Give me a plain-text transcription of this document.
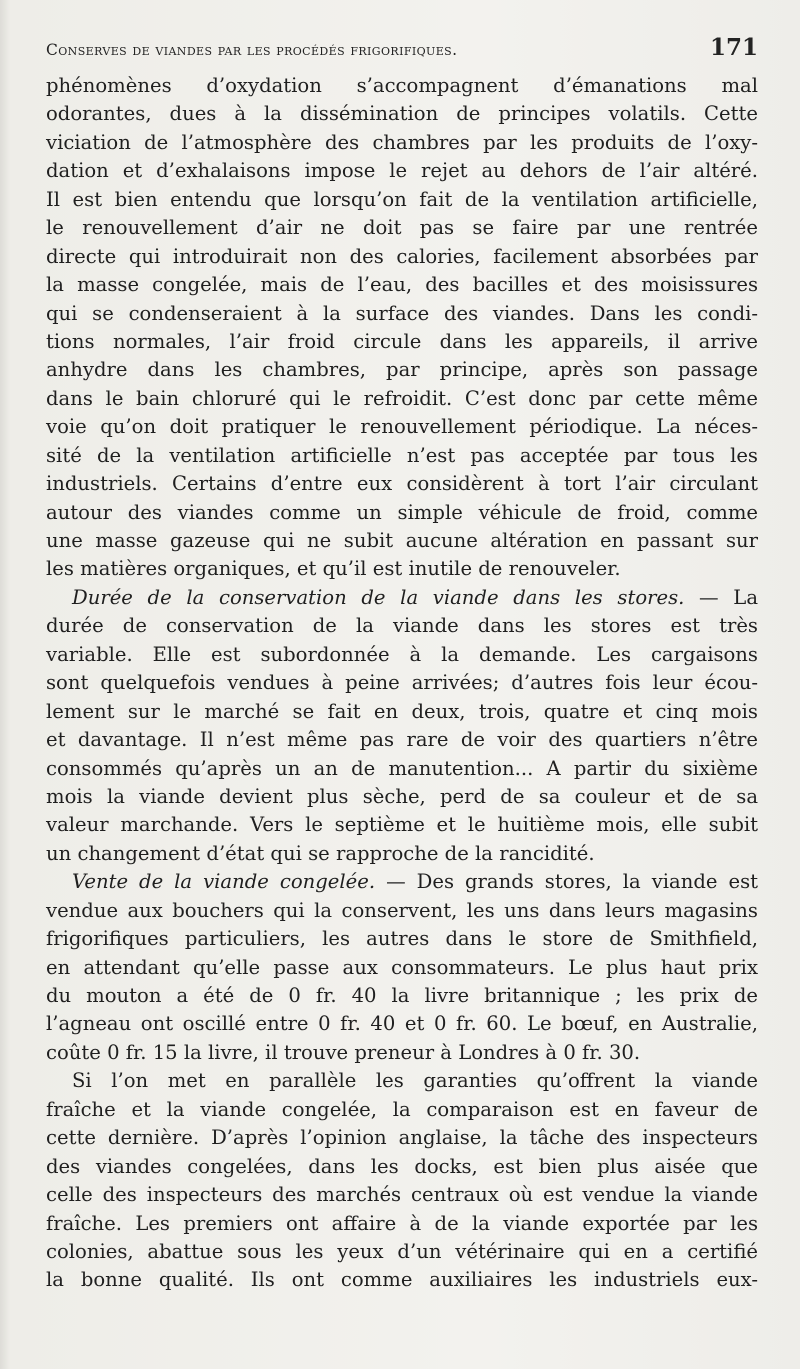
Conserves de viandes par les procédés frigorifiques.	171
phénomènes d’oxydation s’accompagnent d’émanations mal
odorantes, dues à la dissémination de principes volatils. Cette
viciation de l’atmosphère des chambres par les produits de l’oxy-
dation et d’exhalaisons impose le rejet au dehors de l’air altéré.
Il est bien entendu que lorsqu’on fait de la ventilation artificielle,
le renouvellement d’air ne doit pas se faire par une rentrée
directe qui introduirait non des calories, facilement absorbées par
la masse congelée, mais de l’eau, des bacilles et des moisissures
qui se condenseraient à la surface des viandes. Dans les condi-
tions normales, l’air froid circule dans les appareils, il arrive
anhydre dans les chambres, par principe, après son passage
dans le bain chloruré qui le refroidit. C’est donc par cette même
voie qu’on doit pratiquer le renouvellement périodique. La néces-
sité de la ventilation artificielle n’est pas acceptée par tous les
industriels. Certains d’entre eux considèrent à tort l’air circulant
autour des viandes comme un simple véhicule de froid, comme
une masse gazeuse qui ne subit aucune altération en passant sur
les matières organiques, et qu’il est inutile de renouveler.
Durée de la conservation de la viande dans les stores. — La
durée de conservation de la viande dans les stores est très
variable. Elle est subordonnée à la demande. Les cargaisons
sont quelquefois vendues à peine arrivées; d’autres fois leur écou-
lement sur le marché se fait en deux, trois, quatre et cinq mois
et davantage. Il n’est même pas rare de voir des quartiers n’être
consommés qu’après un an de manutention... A partir du sixième
mois la viande devient plus sèche, perd de sa couleur et de sa
valeur marchande. Vers le septième et le huitième mois, elle subit
un changement d’état qui se rapproche de la rancidité.
Vente de la viande congelée. — Des grands stores, la viande est
vendue aux bouchers qui la conservent, les uns dans leurs magasins
frigorifiques particuliers, les autres dans le store de Smithfield,
en attendant qu’elle passe aux consommateurs. Le plus haut prix
du mouton a été de 0 fr. 40 la livre britannique ; les prix de
l’agneau ont oscillé entre 0 fr. 40 et 0 fr. 60. Le bœuf, en Australie,
coûte 0 fr. 15 la livre, il trouve preneur à Londres à 0 fr. 30.
Si l’on met en parallèle les garanties qu’offrent la viande
fraîche et la viande congelée, la comparaison est en faveur de
cette dernière. D’après l’opinion anglaise, la tâche des inspecteurs
des viandes congelées, dans les docks, est bien plus aisée que
celle des inspecteurs des marchés centraux où est vendue la viande
fraîche. Les premiers ont affaire à de la viande exportée par les
colonies, abattue sous les yeux d’un vétérinaire qui en a certifié
la bonne qualité. Ils ont comme auxiliaires les industriels eux-
